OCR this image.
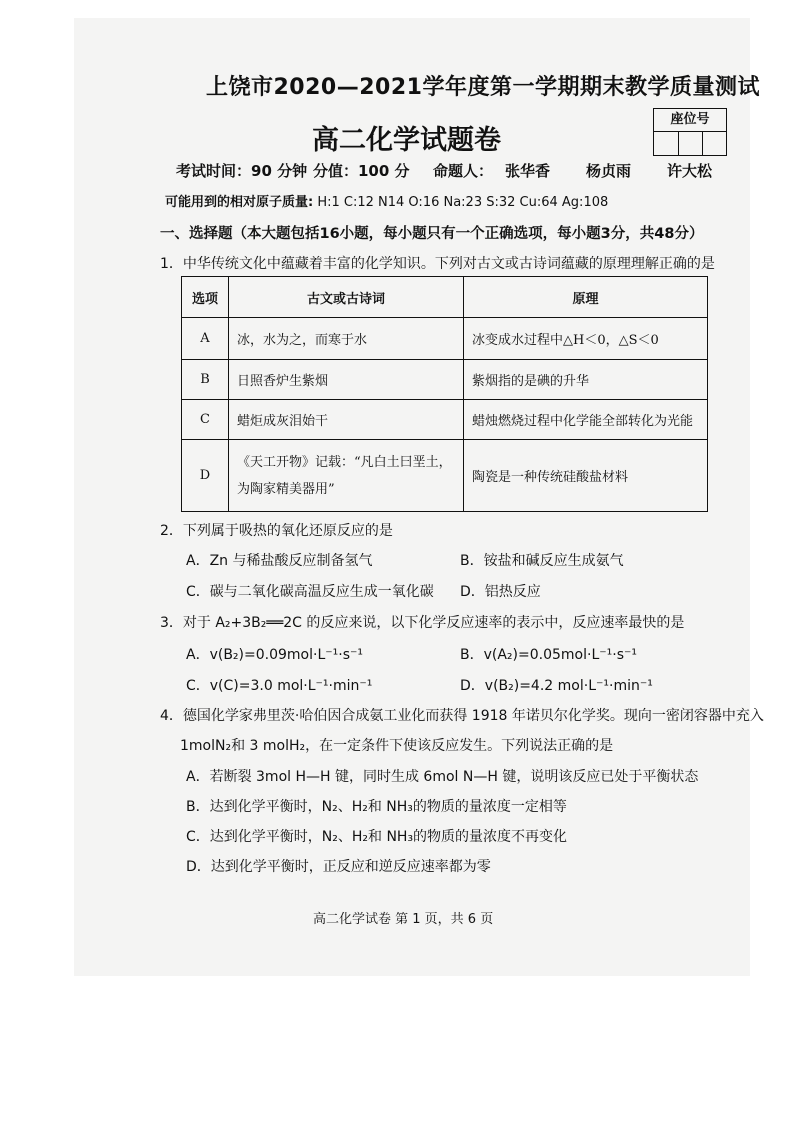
上饶市2020—2021学年度第一学期期末教学质量测试
高二化学试题卷
座位号
考试时间：90 分钟 分值：100 分 命题人： 张华香 杨贞雨 许大松
可能用到的相对原子质量: H:1 C:12 N14 O:16 Na:23 S:32 Cu:64 Ag:108
一、选择题（本大题包括16小题，每小题只有一个正确选项，每小题3分，共48分）
1．中华传统文化中蕴藏着丰富的化学知识。下列对古文或古诗词蕴藏的原理理解正确的是
选项	古文或古诗词	原理
A	冰，水为之，而寒于水	冰变成水过程中△H＜0，△S＜0
B	日照香炉生紫烟	紫烟指的是碘的升华
C	蜡炬成灰泪始干	蜡烛燃烧过程中化学能全部转化为光能
D	《天工开物》记载：“凡白土曰垩土，为陶家精美器用”	陶瓷是一种传统硅酸盐材料
2．下列属于吸热的氧化还原反应的是
A．Zn 与稀盐酸反应制备氢气	B．铵盐和碱反应生成氨气
C．碳与二氧化碳高温反应生成一氧化碳 D．铝热反应
3．对于 A₂+3B₂══2C 的反应来说，以下化学反应速率的表示中，反应速率最快的是
A．v(B₂)=0.09mol·L⁻¹·s⁻¹	B．v(A₂)=0.05mol·L⁻¹·s⁻¹
C．v(C)=3.0 mol·L⁻¹·min⁻¹	D．v(B₂)=4.2 mol·L⁻¹·min⁻¹
4．德国化学家弗里茨·哈伯因合成氨工业化而获得 1918 年诺贝尔化学奖。现向一密闭容器中充入
1molN₂和 3 molH₂，在一定条件下使该反应发生。下列说法正确的是
A．若断裂 3mol H—H 键，同时生成 6mol N—H 键，说明该反应已处于平衡状态
B．达到化学平衡时，N₂、H₂和 NH₃的物质的量浓度一定相等
C．达到化学平衡时，N₂、H₂和 NH₃的物质的量浓度不再变化
D．达到化学平衡时，正反应和逆反应速率都为零
高二化学试卷 第 1 页，共 6 页
